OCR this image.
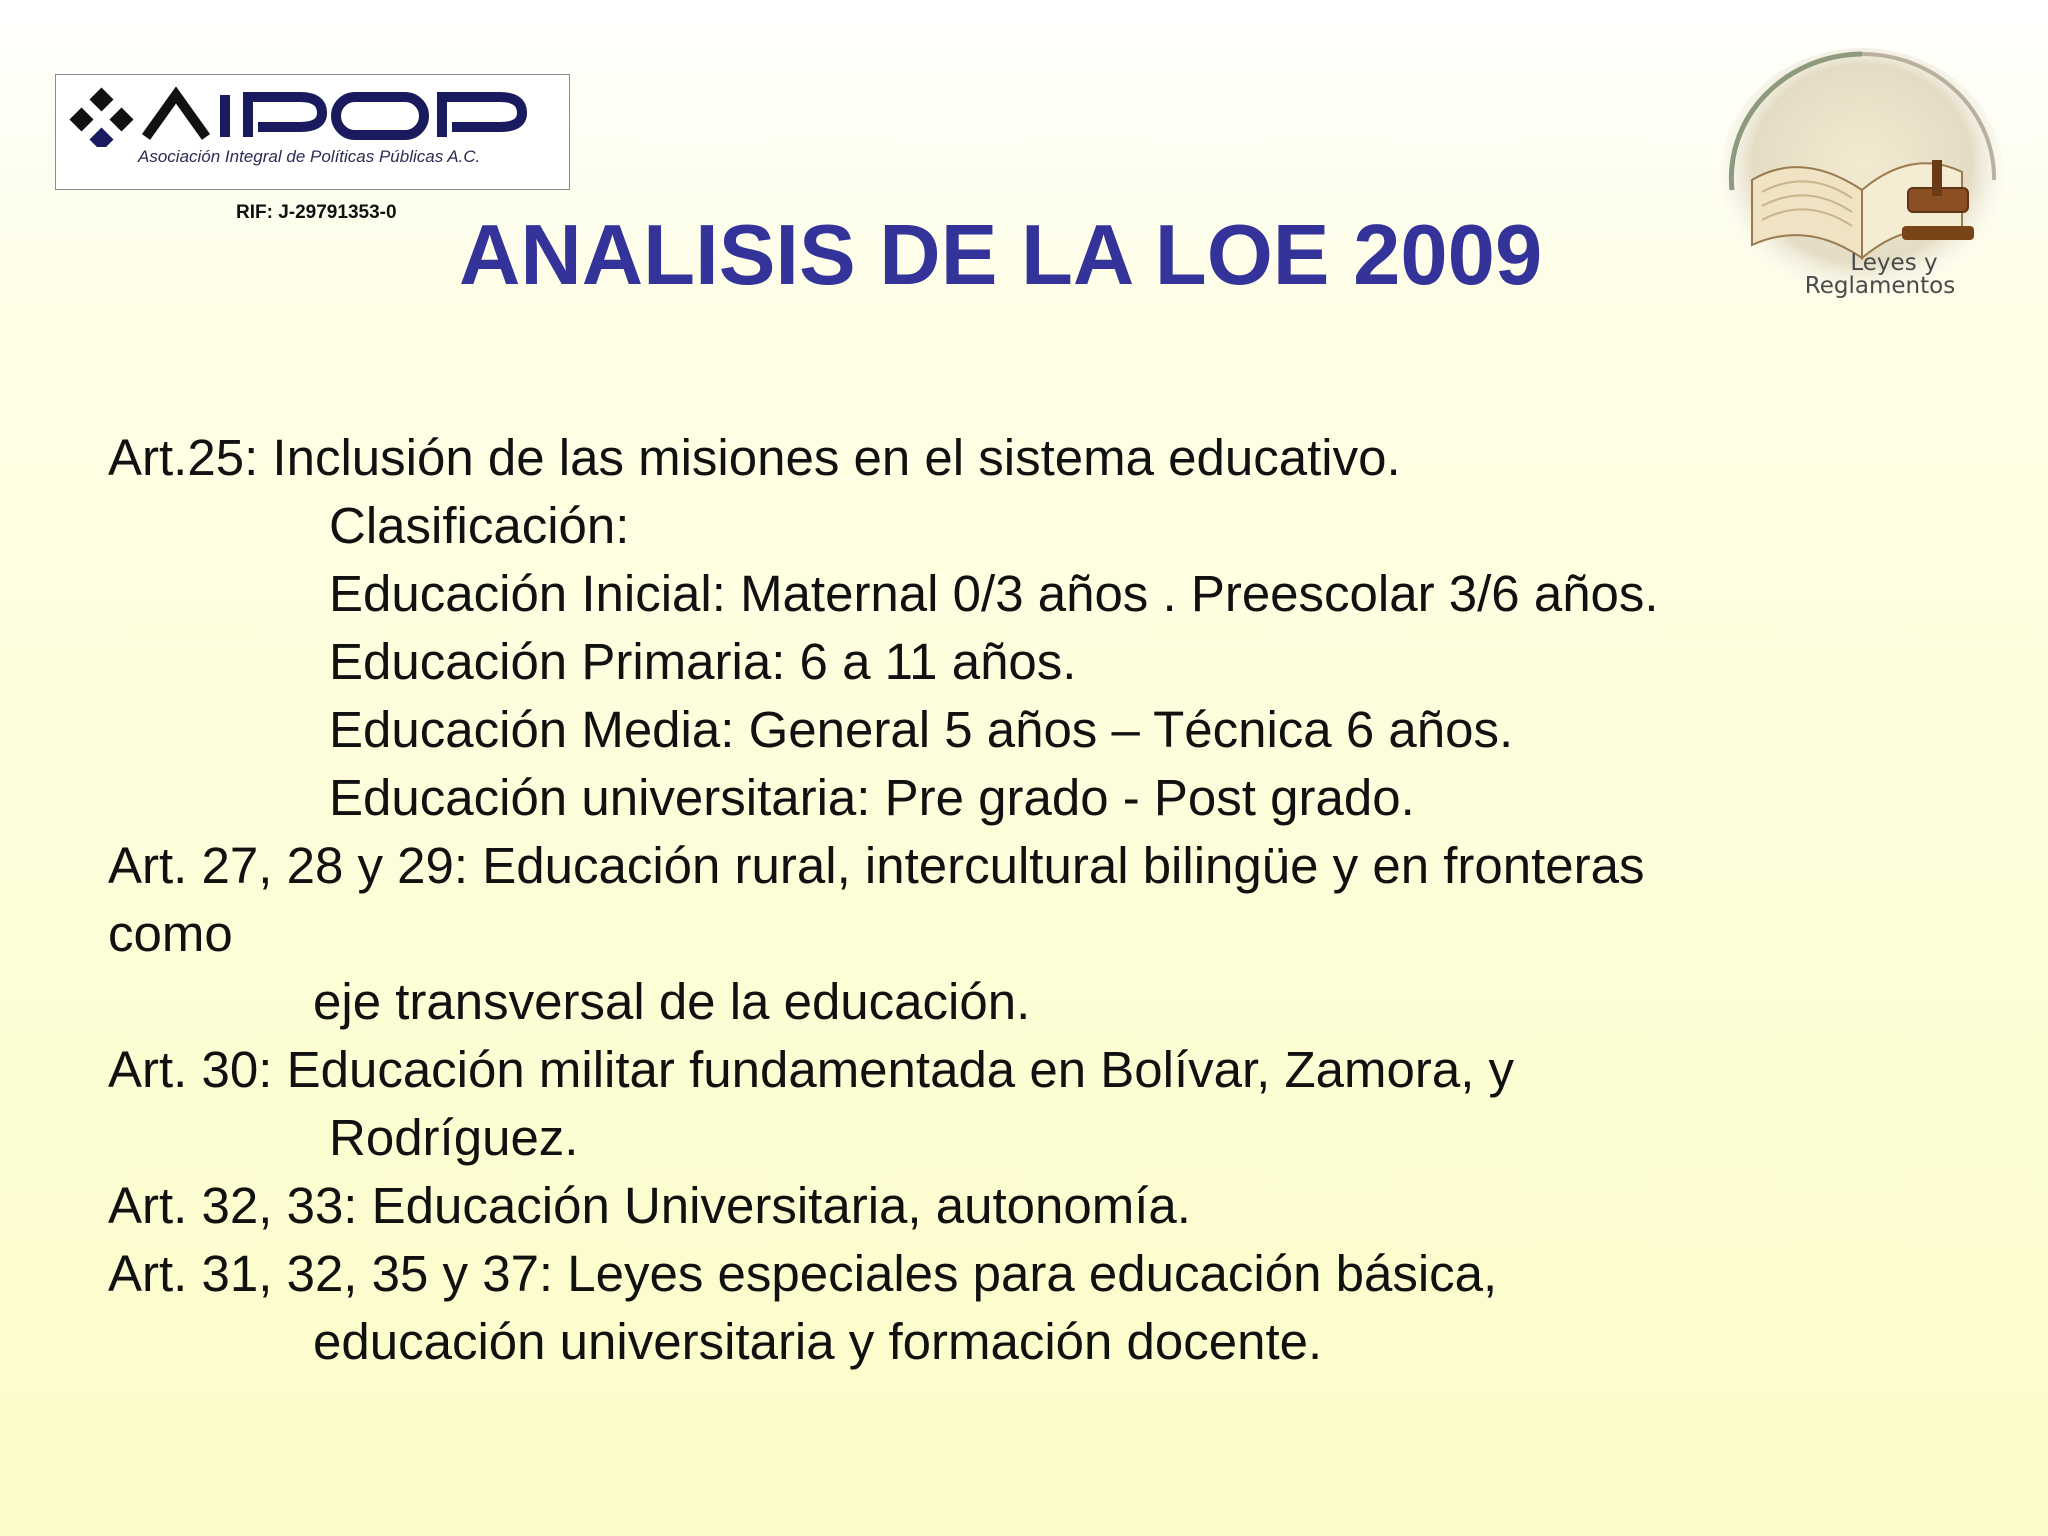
Asociación Integral de Políticas Públicas A.C.
RIF: J-29791353-0 ANALISIS DE LA LOE 2009	Leyes y
Reglamentos
Art.25: Inclusión de las misiones en el sistema educativo.
Clasificación:
Educación Inicial: Maternal 0/3 años . Preescolar 3/6 años.
Educación Primaria: 6 a 11 años.
Educación Media: General 5 años – Técnica 6 años.
Educación universitaria: Pre grado - Post grado.
Art. 27, 28 y 29: Educación rural, intercultural bilingüe y en fronteras
como
eje transversal de la educación.
Art. 30: Educación militar fundamentada en Bolívar, Zamora, y
Rodríguez.
Art. 32, 33: Educación Universitaria, autonomía.
Art. 31, 32, 35 y 37: Leyes especiales para educación básica,
educación universitaria y formación docente.
